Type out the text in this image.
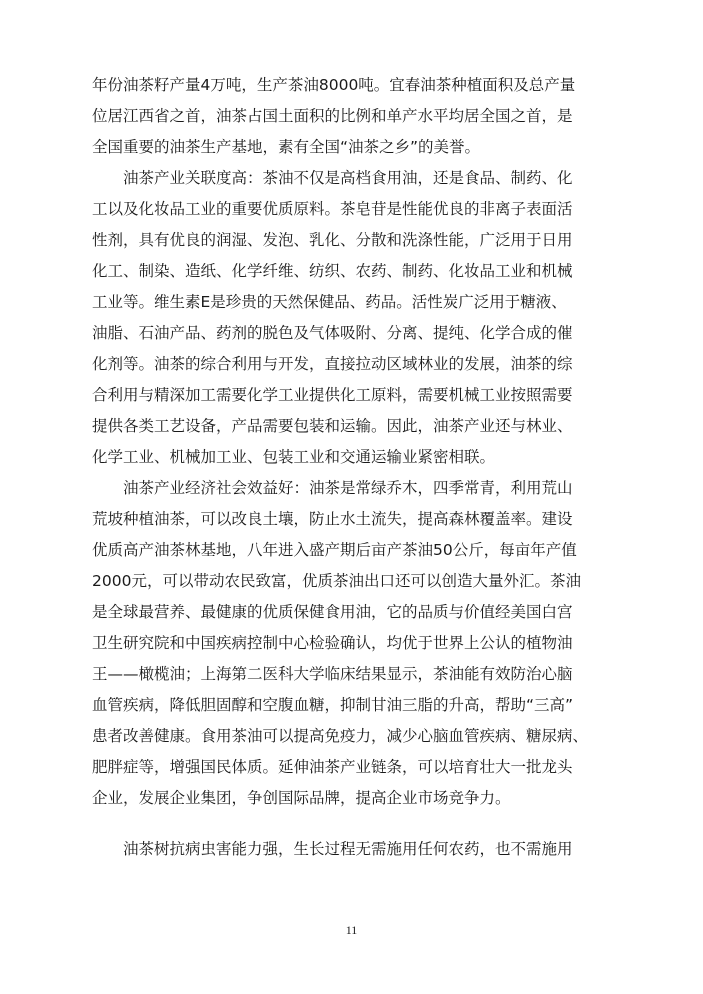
年份油茶籽产量4万吨，生产茶油8000吨。宜春油茶种植面积及总产量
位居江西省之首，油茶占国土面积的比例和单产水平均居全国之首，是
全国重要的油茶生产基地，素有全国“油茶之乡”的美誉。
　　油茶产业关联度高：茶油不仅是高档食用油，还是食品、制药、化
工以及化妆品工业的重要优质原料。茶皂苷是性能优良的非离子表面活
性剂，具有优良的润湿、发泡、乳化、分散和洗涤性能，广泛用于日用
化工、制染、造纸、化学纤维、纺织、农药、制药、化妆品工业和机械
工业等。维生素E是珍贵的天然保健品、药品。活性炭广泛用于糖液、
油脂、石油产品、药剂的脱色及气体吸附、分离、提纯、化学合成的催
化剂等。油茶的综合利用与开发，直接拉动区域林业的发展，油茶的综
合利用与精深加工需要化学工业提供化工原料，需要机械工业按照需要
提供各类工艺设备，产品需要包装和运输。因此，油茶产业还与林业、
化学工业、机械加工业、包装工业和交通运输业紧密相联。
　　油茶产业经济社会效益好：油茶是常绿乔木，四季常青，利用荒山
荒坡种植油茶，可以改良土壤，防止水土流失，提高森林覆盖率。建设
优质高产油茶林基地，八年进入盛产期后亩产茶油50公斤，每亩年产值
2000元，可以带动农民致富，优质茶油出口还可以创造大量外汇。茶油
是全球最营养、最健康的优质保健食用油，它的品质与价值经美国白宫
卫生研究院和中国疾病控制中心检验确认，均优于世界上公认的植物油
王——橄榄油；上海第二医科大学临床结果显示，茶油能有效防治心脑
血管疾病，降低胆固醇和空腹血糖，抑制甘油三脂的升高，帮助“三高”
患者改善健康。食用茶油可以提高免疫力，减少心脑血管疾病、糖尿病、
肥胖症等，增强国民体质。延伸油茶产业链条，可以培育壮大一批龙头
企业，发展企业集团，争创国际品牌，提高企业市场竞争力。
　　油茶树抗病虫害能力强，生长过程无需施用任何农药，也不需施用
11
